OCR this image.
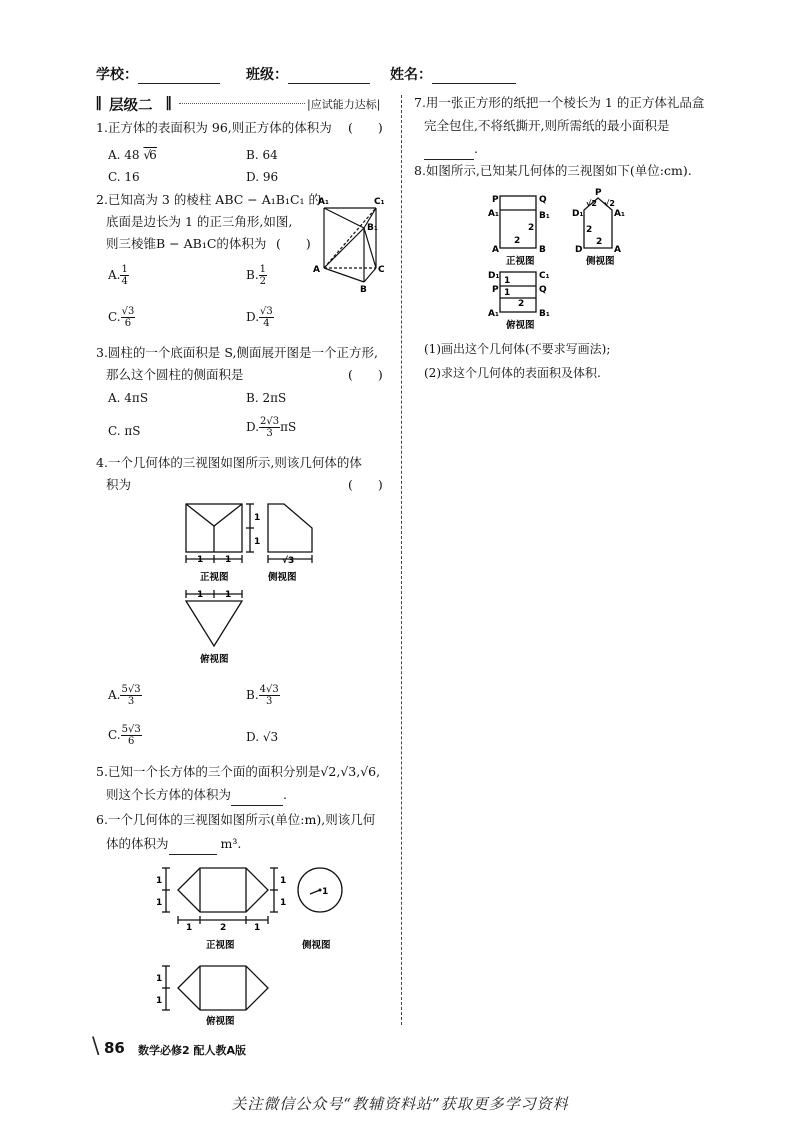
学校：	班级：	姓名：
‖ 层级二 ‖	|应试能力达标|
1.正方体的表面积为 96,则正方体的体积为 (　　)
A. 48 √6	B. 64
C. 16	D. 96
2.已知高为 3 的棱柱 ABC − A₁B₁C₁ 的
底面是边长为 1 的正三角形,如图,
则三棱锥B − AB₁C的体积为 (　　)
A₁	C₁
B₁
A	C
B
A. $\frac{1}{4}$	B. $\frac{1}{2}$
C. $\frac{√3}{6}$	D. $\frac{√3}{4}$
3.圆柱的一个底面积是 S,侧面展开图是一个正方形,
那么这个圆柱的侧面积是	(　　)
A. 4πS	B. 2πS
C. πS	D. $\frac{2√3}{3}$ πS
4.一个几何体的三视图如图所示,则该几何体的体
积为	(　　)
1
1
1 1	√3
1 1
正视图	侧视图
俯视图
A. $\frac{5√3}{3}$	B. $\frac{4√3}{3}$
C. $\frac{5√3}{6}$	D. √3
5.已知一个长方体的三个面的面积分别是√2,√3,√6,
则这个长方体的体积为	.
6.一个几何体的三视图如图所示(单位:m),则该几何
体的体积为	m³.
1
1
1
1
1	2	1
1
1
1
正视图	侧视图
俯视图
7.用一张正方形的纸把一个棱长为 1 的正方体礼品盒
完全包住,不将纸撕开,则所需纸的最小面积是
.
8.如图所示,已知某几何体的三视图如下(单位:cm).
P	Q
A₁	B₁
2
2
A	B
正视图
P
√2 √2
D₁	A₁
2
2
D	A
侧视图
D₁	C₁
1
P	Q
1
2
A₁	B₁
俯视图
(1)画出这个几何体(不要求写画法);
(2)求这个几何体的表面积及体积.
\ 86 数学必修2 配人教A版
关注微信公众号“教辅资料站”获取更多学习资料
